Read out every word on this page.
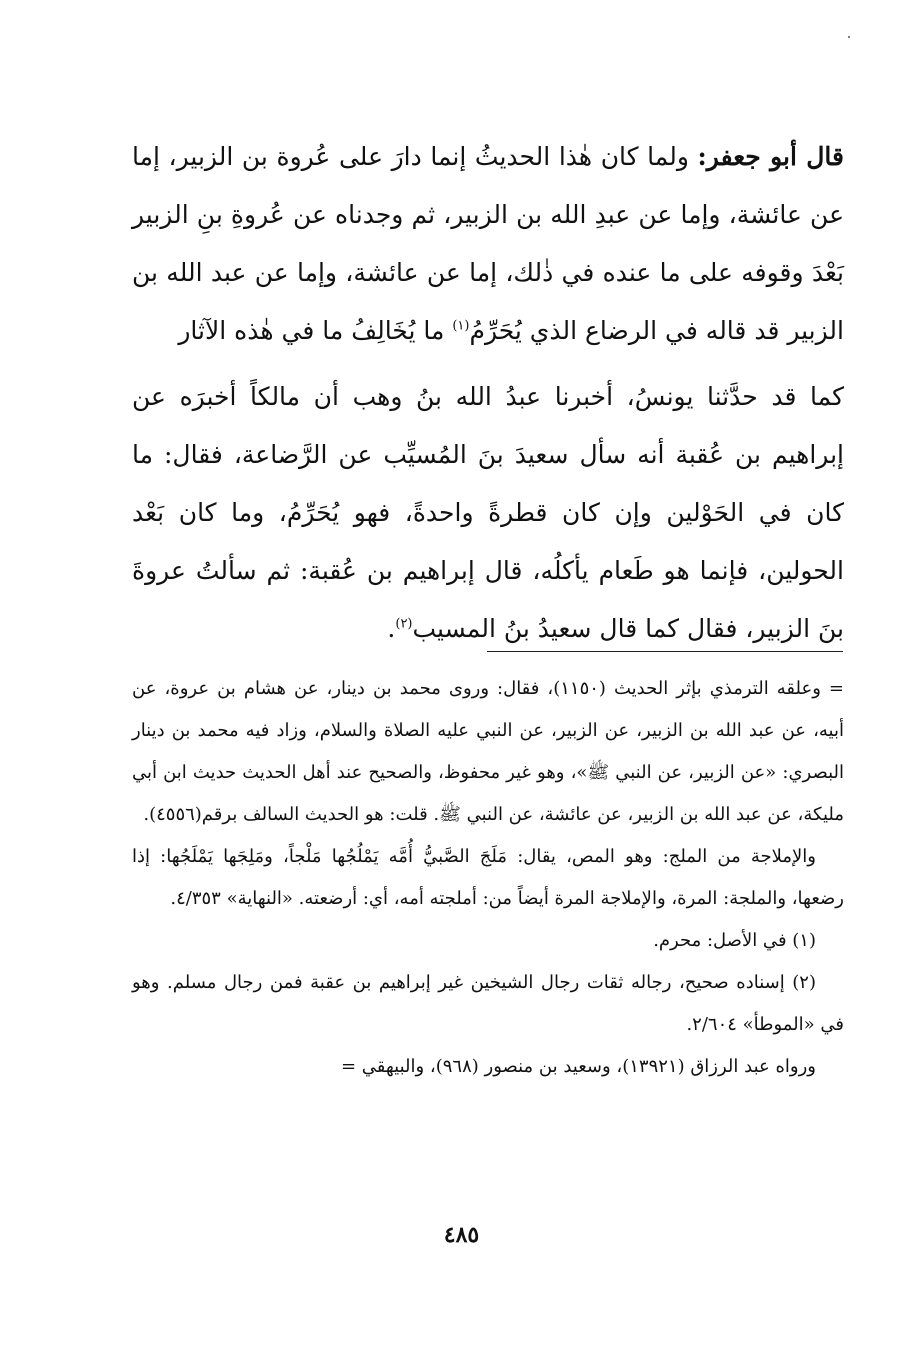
قال أبو جعفر: ولما كان هٰذا الحديثُ إنما دارَ على عُروة بن الزبير، إما عن عائشة، وإما عن عبدِ الله بن الزبير، ثم وجدناه عن عُروةِ بنِ الزبير بَعْدَ وقوفه على ما عنده في ذٰلك، إما عن عائشة، وإما عن عبد الله بن الزبير قد قاله في الرضاع الذي يُحَرِّمُ$^{(١)}$ ما يُخَالِفُ ما في هٰذه الآثار

كما قد حدَّثنا يونسُ، أخبرنا عبدُ الله بنُ وهب أن مالكاً أخبرَه عن إبراهيم بن عُقبة أنه سأل سعيدَ بنَ المُسيِّب عن الرَّضاعة، فقال: ما كان في الحَوْلين وإن كان قطرةً واحدةً، فهو يُحَرِّمُ، وما كان بَعْد الحولين، فإنما هو طَعام يأكلُه، قال إبراهيم بن عُقبة: ثم سألتُ عروةَ بنَ الزبير، فقال كما قال سعيدُ بنُ المسيب$^{(٢)}$.

= وعلقه الترمذي بإثر الحديث (١١٥٠)، فقال: وروى محمد بن دينار، عن هشام بن عروة، عن أبيه، عن عبد الله بن الزبير، عن الزبير، عن النبي عليه الصلاة والسلام، وزاد فيه محمد بن دينار البصري: «عن الزبير، عن النبي ﷺ»، وهو غير محفوظ، والصحيح عند أهل الحديث حديث ابن أبي مليكة، عن عبد الله بن الزبير، عن عائشة، عن النبي ﷺ. قلت: هو الحديث السالف برقم(٤٥٥٦).

والإملاجة من الملج: وهو المص، يقال: مَلَجَ الصَّبيُّ أُمَّه يَمْلُجُها مَلْجاً، ومَلِجَها يَمْلَجُها: إذا رضعها، والملجة: المرة، والإملاجة المرة أيضاً من: أملجته أمه، أي: أرضعته. «النهاية» ٤/٣٥٣.

(١) في الأصل: محرم.

(٢) إسناده صحيح، رجاله ثقات رجال الشيخين غير إبراهيم بن عقبة فمن رجال مسلم. وهو في «الموطأ» ٢/٦٠٤.

ورواه عبد الرزاق (١٣٩٢١)، وسعيد بن منصور (٩٦٨)، والبيهقي =

٤٨٥
